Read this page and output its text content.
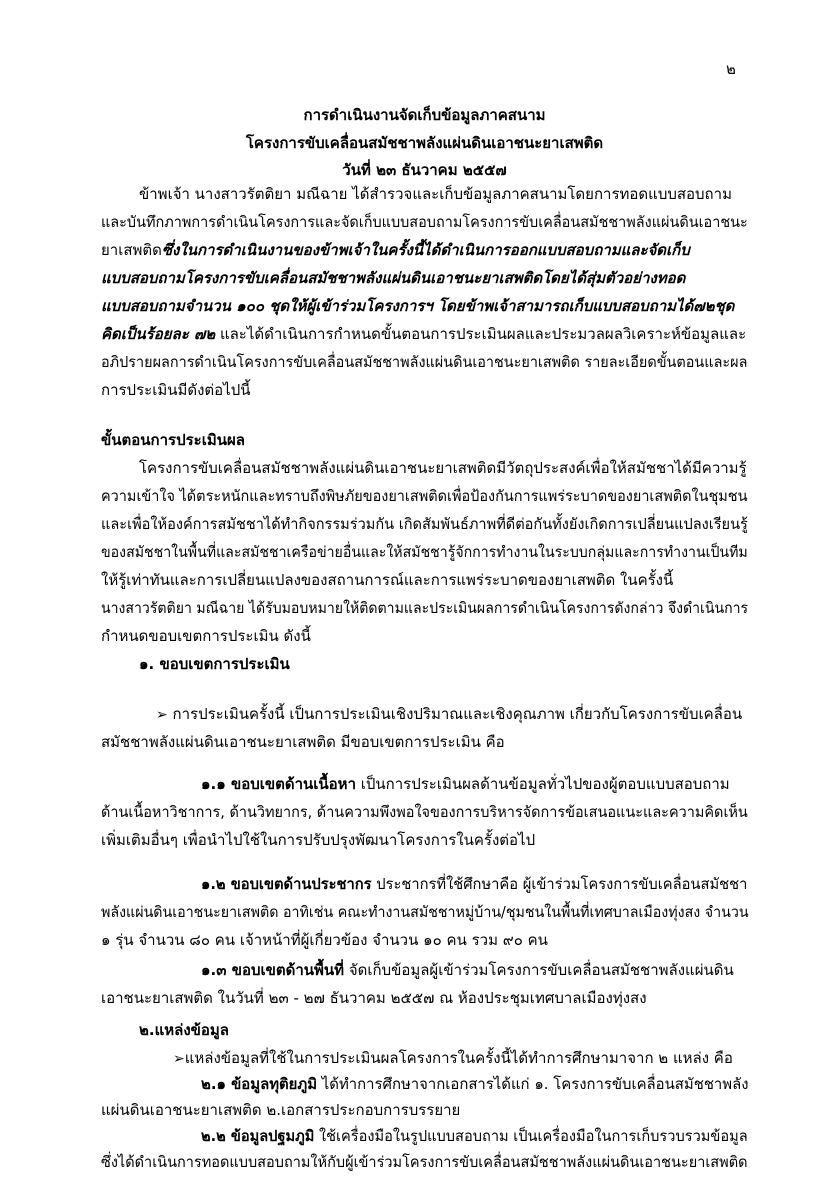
๒
การดำเนินงานจัดเก็บข้อมูลภาคสนาม
โครงการขับเคลื่อนสมัชชาพลังแผ่นดินเอาชนะยาเสพติด
วันที่ ๒๓ ธันวาคม ๒๕๕๗
ข้าพเจ้า นางสาวรัตติยา มณีฉาย ได้สำรวจและเก็บข้อมูลภาคสนามโดยการทอดแบบสอบถาม
และบันทึกภาพการดำเนินโครงการและจัดเก็บแบบสอบถามโครงการขับเคลื่อนสมัชชาพลังแผ่นดินเอาชนะ
ยาเสพติดซึ่งในการดำเนินงานของข้าพเจ้าในครั้งนี้ได้ดำเนินการออกแบบสอบถามและจัดเก็บ
แบบสอบถามโครงการขับเคลื่อนสมัชชาพลังแผ่นดินเอาชนะยาเสพติดโดยได้สุ่มตัวอย่างทอด
แบบสอบถามจำนวน ๑๐๐ ชุดให้ผู้เข้าร่วมโครงการฯ โดยข้าพเจ้าสามารถเก็บแบบสอบถามได้๗๒ชุด
คิดเป็นร้อยละ ๗๒ และได้ดำเนินการกำหนดขั้นตอนการประเมินผลและประมวลผลวิเคราะห์ข้อมูลและ
อภิปรายผลการดำเนินโครงการขับเคลื่อนสมัชชาพลังแผ่นดินเอาชนะยาเสพติด รายละเอียดขั้นตอนและผล
การประเมินมีดังต่อไปนี้
ขั้นตอนการประเมินผล
โครงการขับเคลื่อนสมัชชาพลังแผ่นดินเอาชนะยาเสพติดมีวัตถุประสงค์เพื่อให้สมัชชาได้มีความรู้
ความเข้าใจ ได้ตระหนักและทราบถึงพิษภัยของยาเสพติดเพื่อป้องกันการแพร่ระบาดของยาเสพติดในชุมชน
และเพื่อให้องค์การสมัชชาได้ทำกิจกรรมร่วมกัน เกิดสัมพันธ์ภาพที่ดีต่อกันทั้งยังเกิดการเปลี่ยนแปลงเรียนรู้
ของสมัชชาในพื้นที่และสมัชชาเครือข่ายอื่นและให้สมัชชารู้จักการทำงานในระบบกลุ่มและการทำงานเป็นทีม
ให้รู้เท่าทันและการเปลี่ยนแปลงของสถานการณ์และการแพร่ระบาดของยาเสพติด ในครั้งนี้
นางสาวรัตติยา มณีฉาย ได้รับมอบหมายให้ติดตามและประเมินผลการดำเนินโครงการดังกล่าว จึงดำเนินการ
กำหนดขอบเขตการประเมิน ดังนี้
๑. ขอบเขตการประเมิน
➢ การประเมินครั้งนี้ เป็นการประเมินเชิงปริมาณและเชิงคุณภาพ เกี่ยวกับโครงการขับเคลื่อน
สมัชชาพลังแผ่นดินเอาชนะยาเสพติด มีขอบเขตการประเมิน คือ
๑.๑ ขอบเขตด้านเนื้อหา เป็นการประเมินผลด้านข้อมูลทั่วไปของผู้ตอบแบบสอบถาม
ด้านเนื้อหาวิชาการ, ด้านวิทยากร, ด้านความพึงพอใจของการบริหารจัดการข้อเสนอแนะและความคิดเห็น
เพิ่มเติมอื่นๆ เพื่อนำไปใช้ในการปรับปรุงพัฒนาโครงการในครั้งต่อไป
๑.๒ ขอบเขตด้านประชากร ประชากรที่ใช้ศึกษาคือ ผู้เข้าร่วมโครงการขับเคลื่อนสมัชชา
พลังแผ่นดินเอาชนะยาเสพติด อาทิเช่น คณะทำงานสมัชชาหมู่บ้าน/ชุมชนในพื้นที่เทศบาลเมืองทุ่งสง จำนวน
๑ รุ่น จำนวน ๘๐ คน เจ้าหน้าที่ผู้เกี่ยวข้อง จำนวน ๑๐ คน รวม ๙๐ คน
๑.๓ ขอบเขตด้านพื้นที่ จัดเก็บข้อมูลผู้เข้าร่วมโครงการขับเคลื่อนสมัชชาพลังแผ่นดิน
เอาชนะยาเสพติด ในวันที่ ๒๓ - ๒๗ ธันวาคม ๒๕๕๗ ณ ห้องประชุมเทศบาลเมืองทุ่งสง
๒.แหล่งข้อมูล
➢แหล่งข้อมูลที่ใช้ในการประเมินผลโครงการในครั้งนี้ได้ทำการศึกษามาจาก ๒ แหล่ง คือ
๒.๑ ข้อมูลทุติยภูมิ ได้ทำการศึกษาจากเอกสารได้แก่ ๑. โครงการขับเคลื่อนสมัชชาพลัง
แผ่นดินเอาชนะยาเสพติด ๒.เอกสารประกอบการบรรยาย
๒.๒ ข้อมูลปฐมภูมิ ใช้เครื่องมือในรูปแบบสอบถาม เป็นเครื่องมือในการเก็บรวบรวมข้อมูล
ซึ่งได้ดำเนินการทอดแบบสอบถามให้กับผู้เข้าร่วมโครงการขับเคลื่อนสมัชชาพลังแผ่นดินเอาชนะยาเสพติด
